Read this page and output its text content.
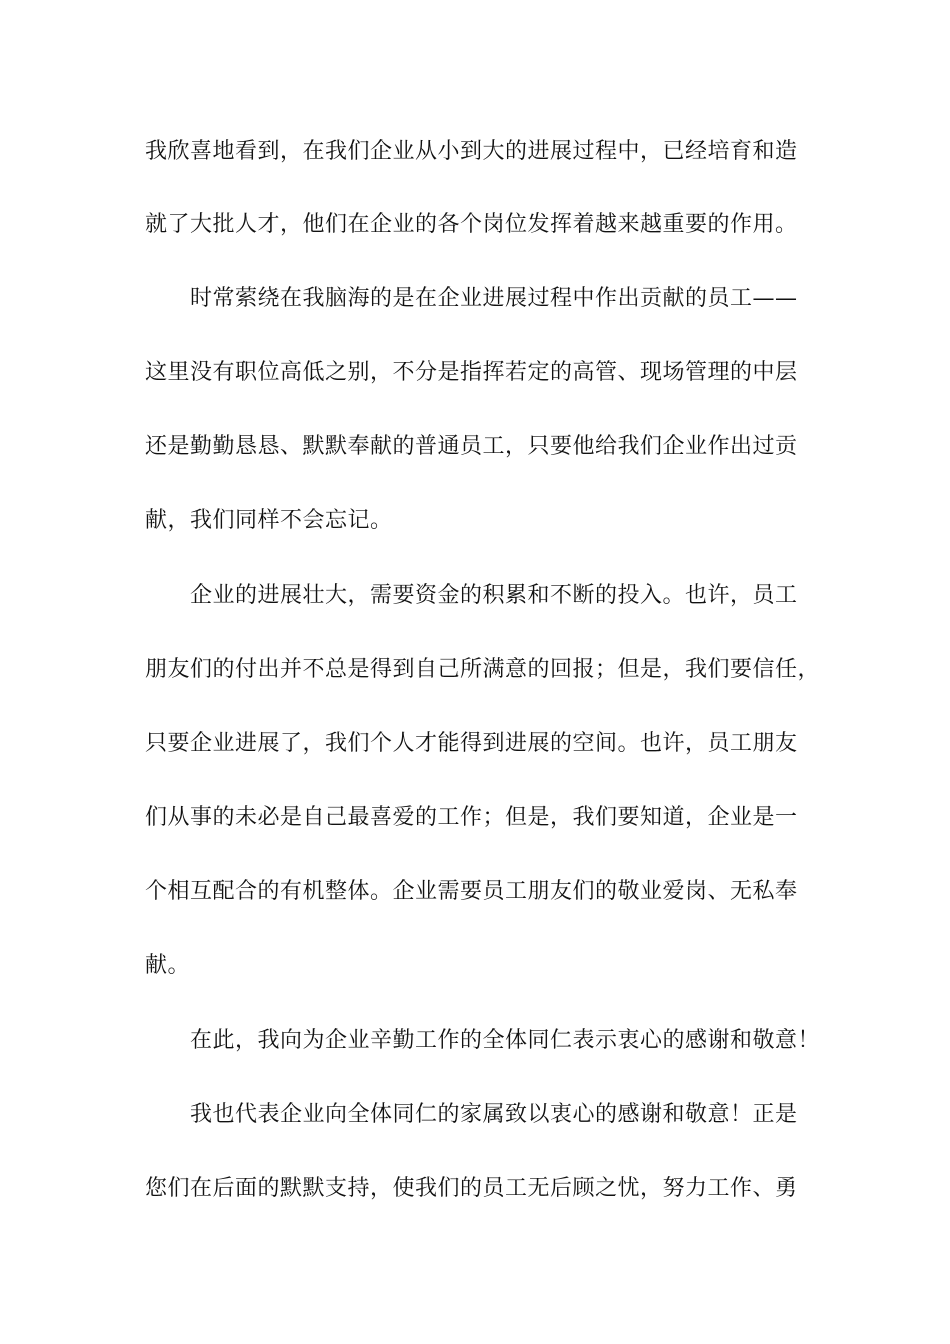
我欣喜地看到，在我们企业从小到大的进展过程中，已经培育和造
就了大批人才，他们在企业的各个岗位发挥着越来越重要的作用。
时常萦绕在我脑海的是在企业进展过程中作出贡献的员工——
这里没有职位高低之别，不分是指挥若定的高管、现场管理的中层
还是勤勤恳恳、默默奉献的普通员工，只要他给我们企业作出过贡
献，我们同样不会忘记。
企业的进展壮大，需要资金的积累和不断的投入。也许，员工
朋友们的付出并不总是得到自己所满意的回报；但是，我们要信任，
只要企业进展了，我们个人才能得到进展的空间。也许，员工朋友
们从事的未必是自己最喜爱的工作；但是，我们要知道，企业是一
个相互配合的有机整体。企业需要员工朋友们的敬业爱岗、无私奉
献。
在此，我向为企业辛勤工作的全体同仁表示衷心的感谢和敬意！
我也代表企业向全体同仁的家属致以衷心的感谢和敬意！正是
您们在后面的默默支持，使我们的员工无后顾之忧，努力工作、勇
